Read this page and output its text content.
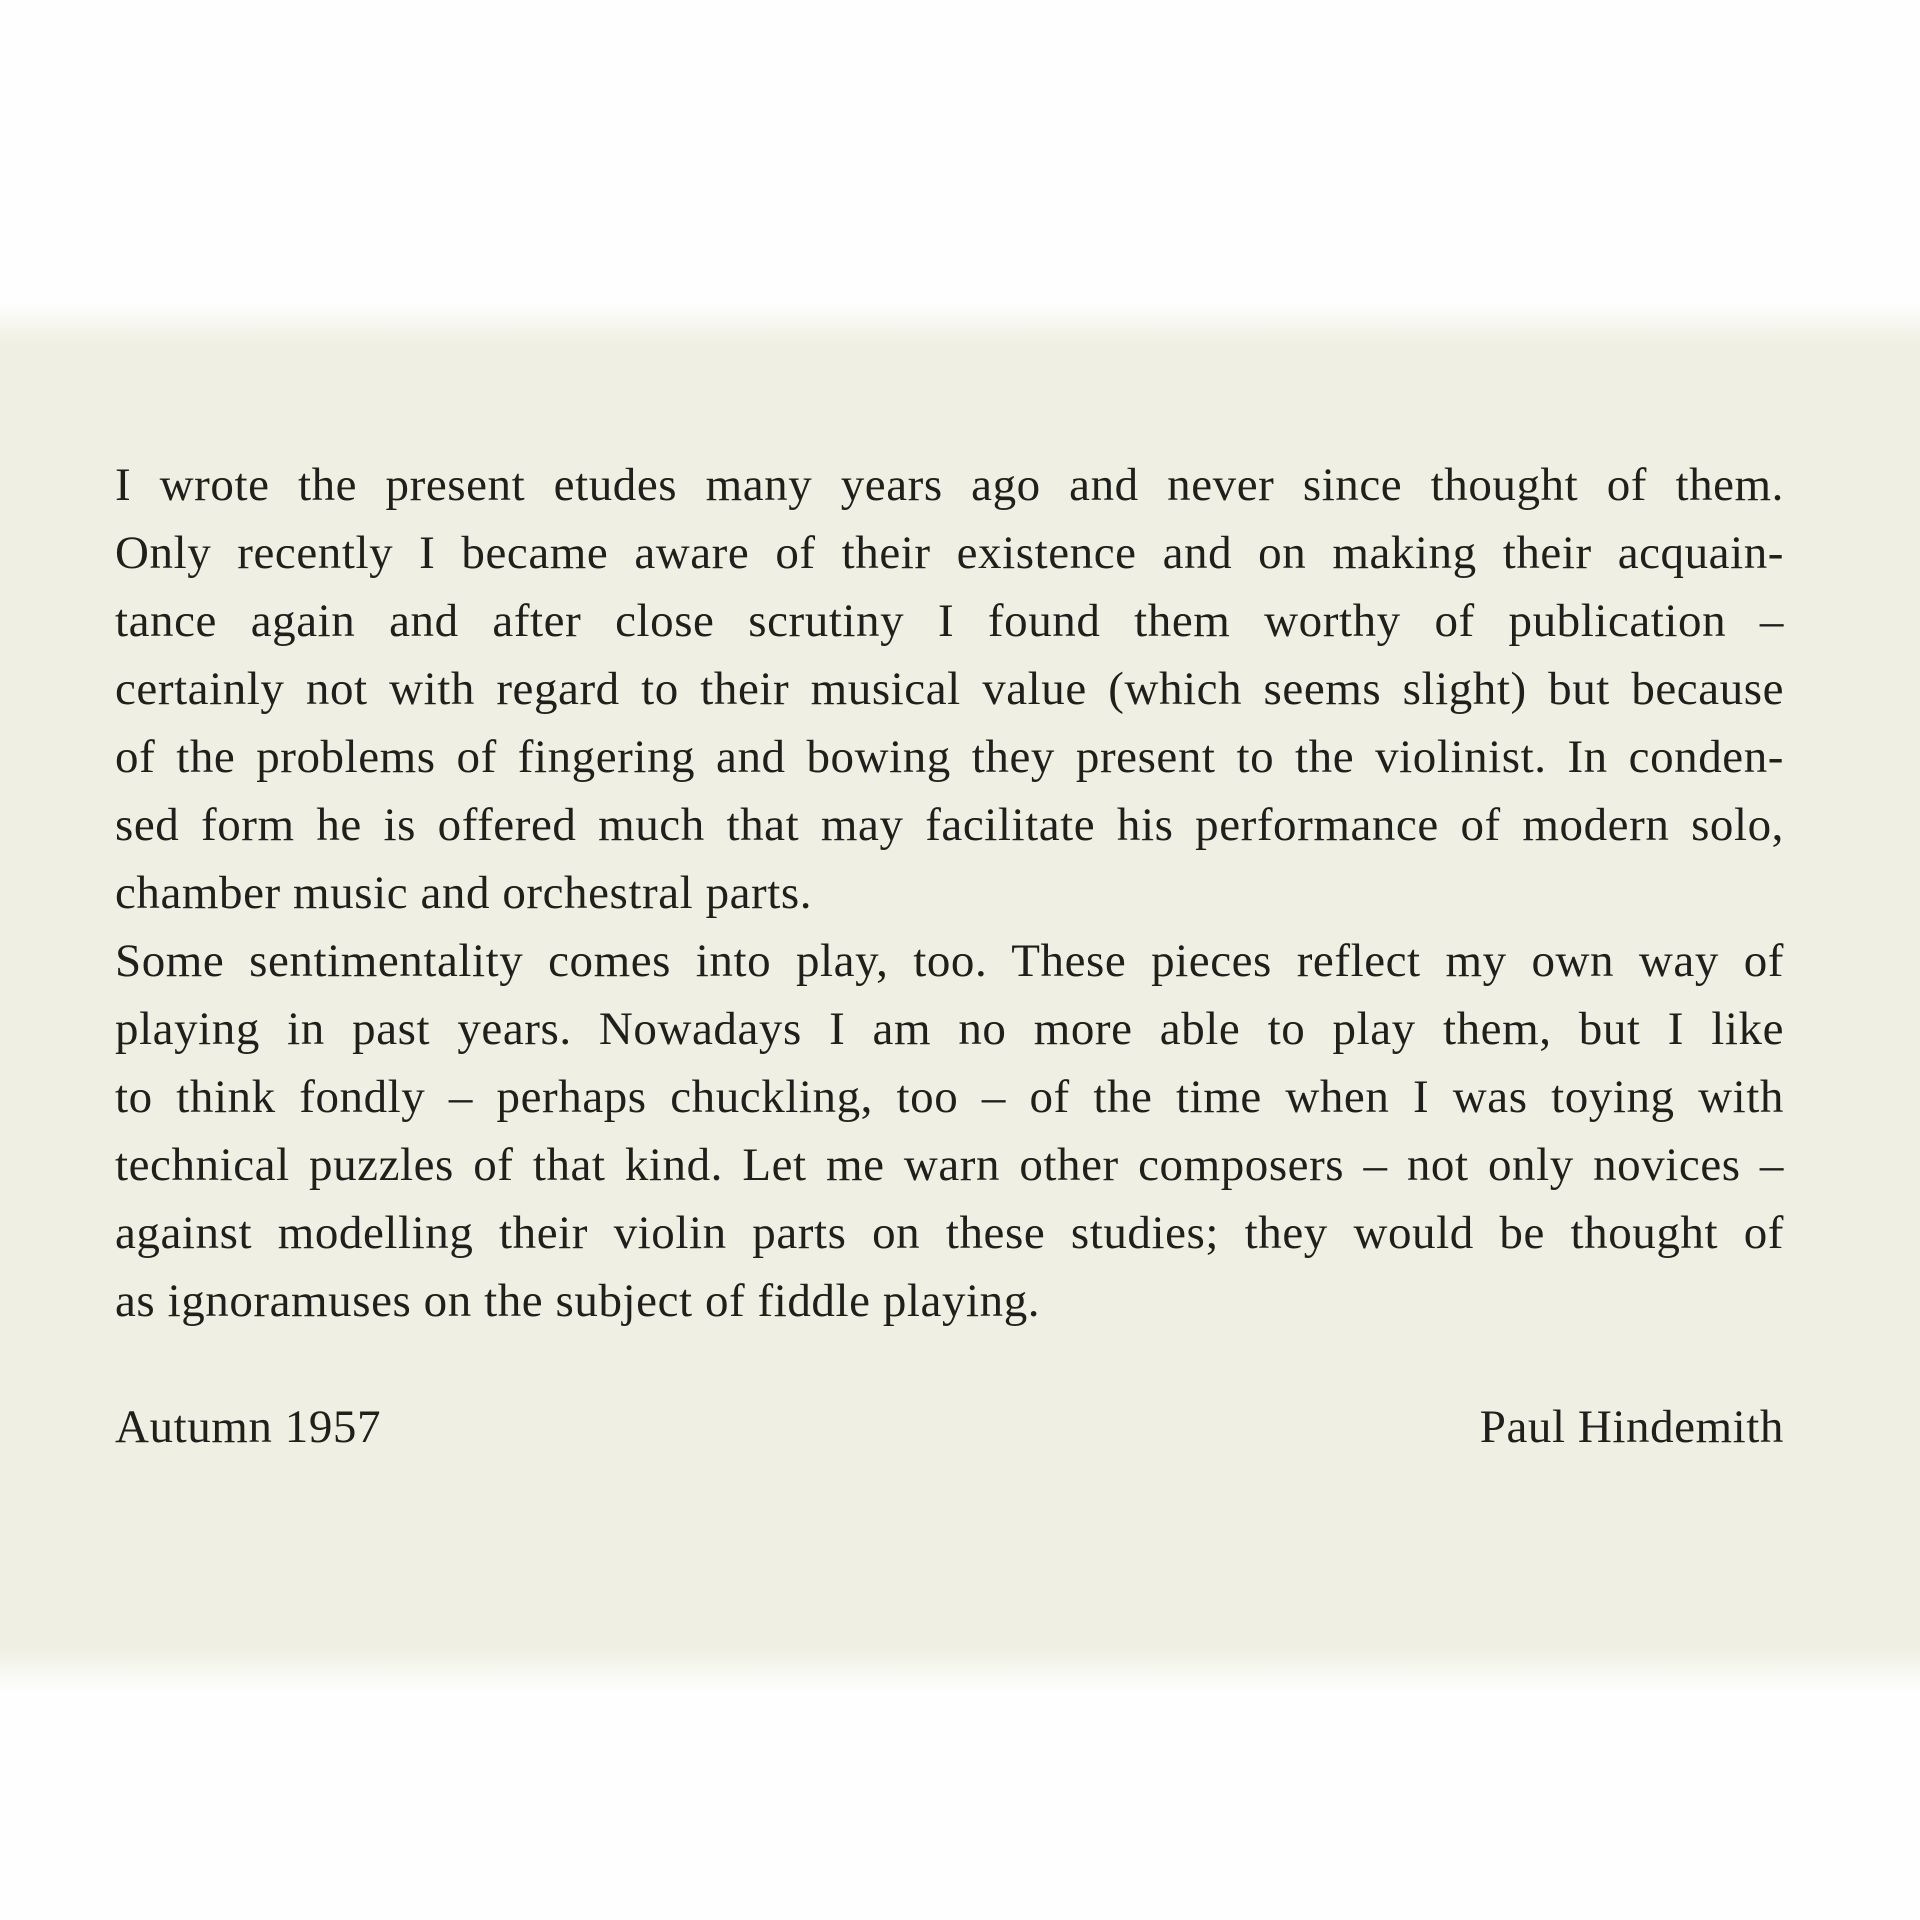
I wrote the present etudes many years ago and never since thought of them.
Only recently I became aware of their existence and on making their acquain-
tance again and after close scrutiny I found them worthy of publication –
certainly not with regard to their musical value (which seems slight) but because
of the problems of fingering and bowing they present to the violinist. In conden-
sed form he is offered much that may facilitate his performance of modern solo,
chamber music and orchestral parts.
Some sentimentality comes into play, too. These pieces reflect my own way of
playing in past years. Nowadays I am no more able to play them, but I like
to think fondly – perhaps chuckling, too – of the time when I was toying with
technical puzzles of that kind. Let me warn other composers – not only novices –
against modelling their violin parts on these studies; they would be thought of
as ignoramuses on the subject of fiddle playing.
Autumn 1957	Paul Hindemith
